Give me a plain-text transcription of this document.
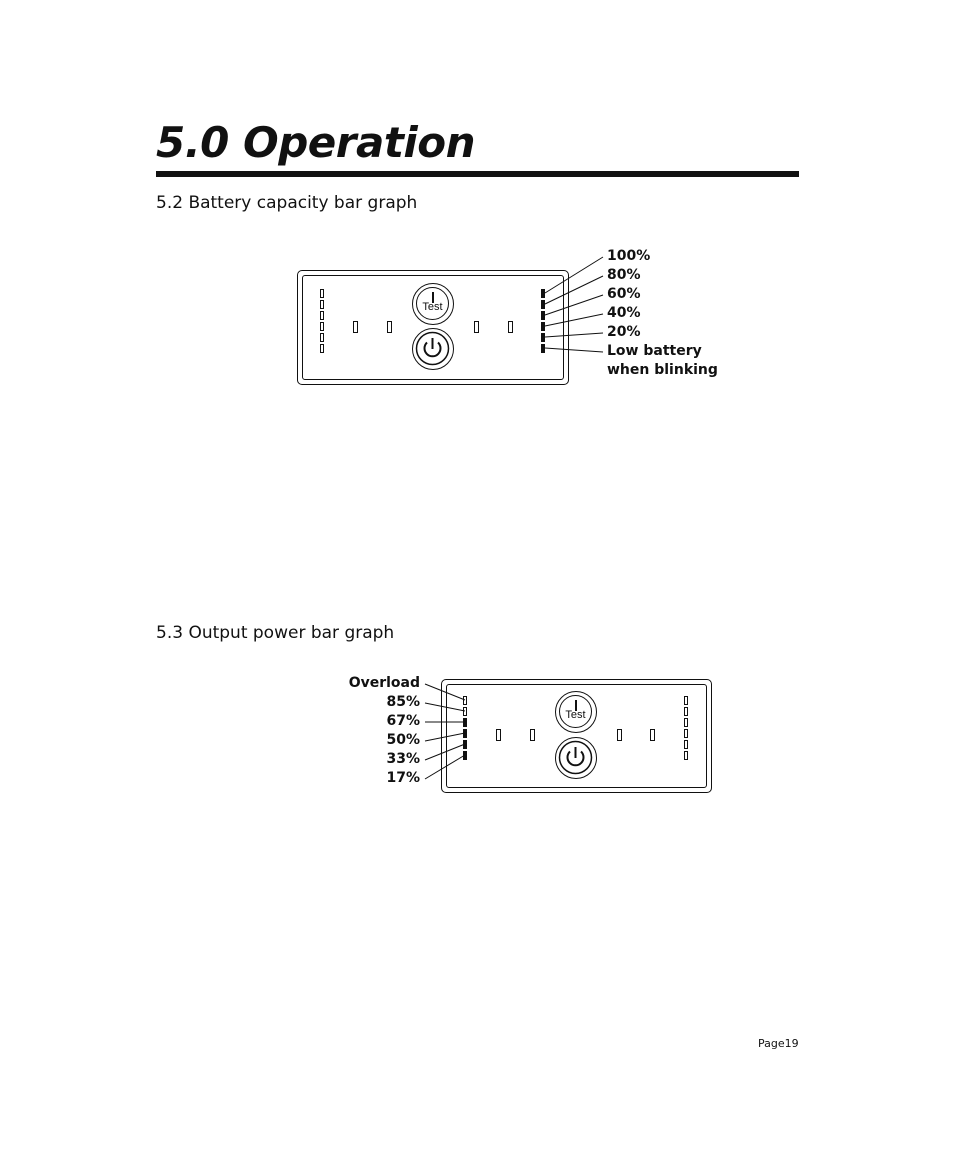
5.0 Operation
5.2 Battery capacity bar graph
Test
100%
80%
60%
40%
20%
Low battery
when blinking
5.3 Output power bar graph
Test
Overload
85%
67%
50%
33%
17%
Page19
